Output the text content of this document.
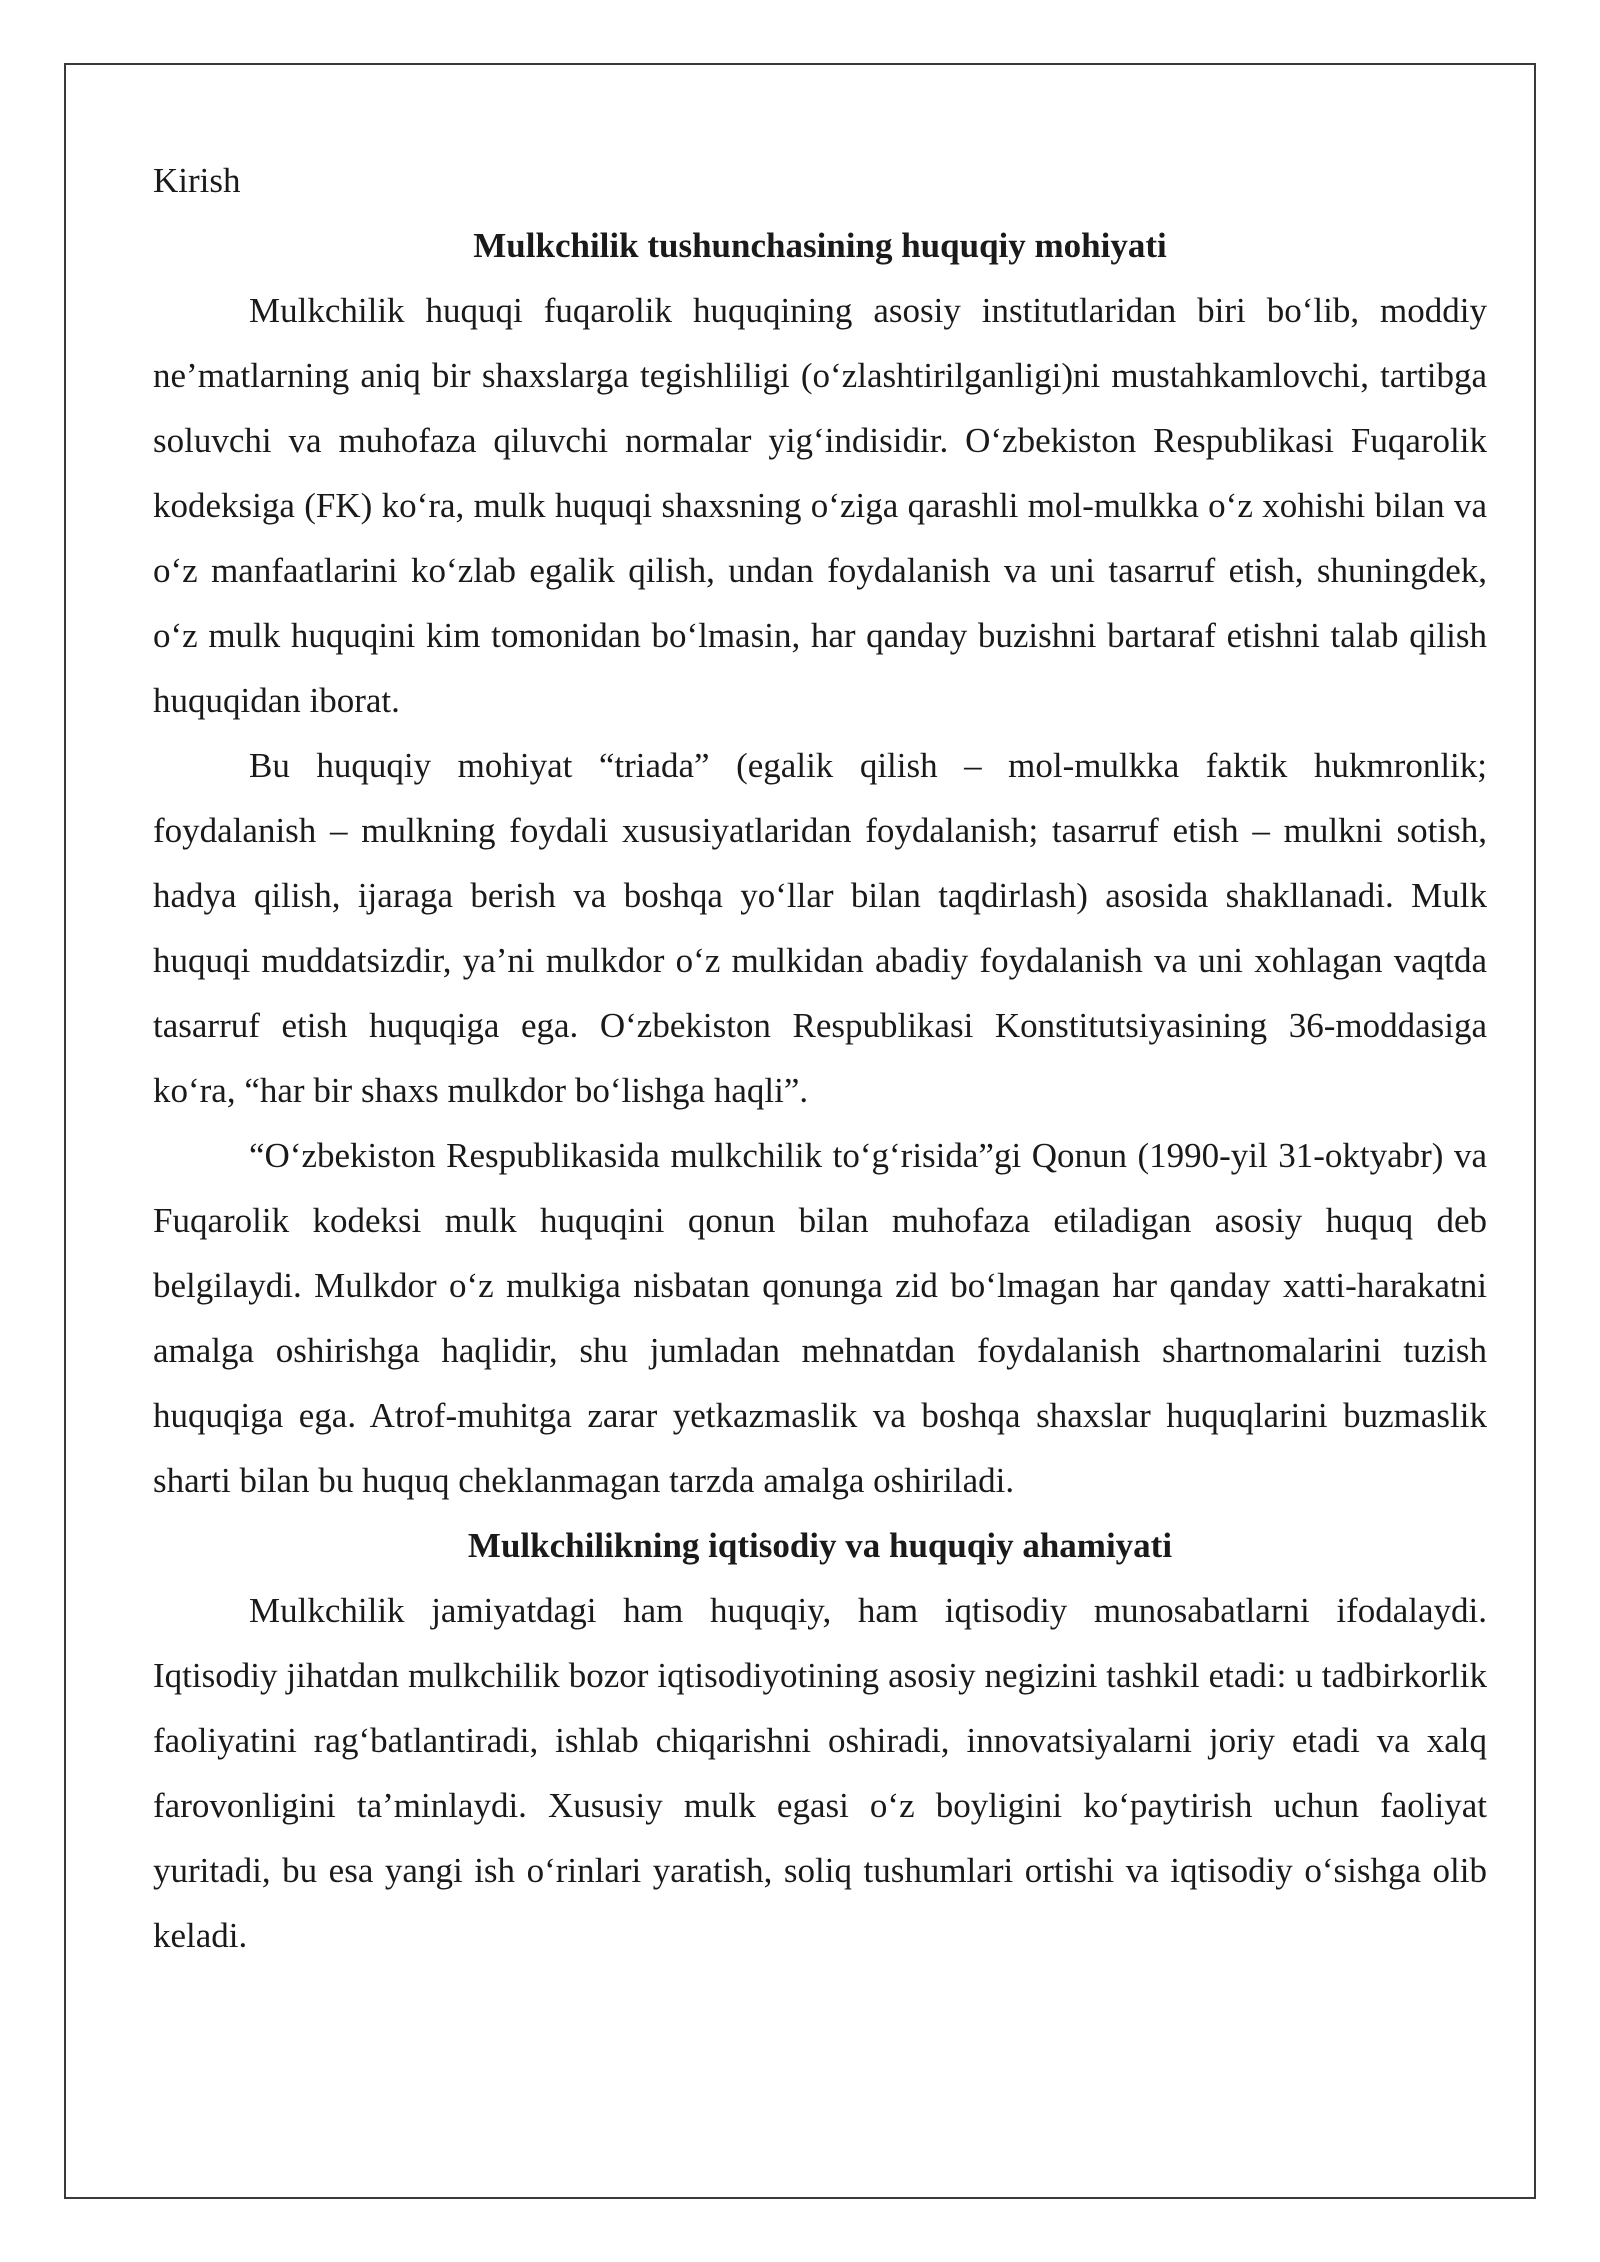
Kirish

Mulkchilik tushunchasining huquqiy mohiyati

Mulkchilik huquqi fuqarolik huquqining asosiy institutlaridan biri bo‘lib, moddiy ne’matlarning aniq bir shaxslarga tegishliligi (o‘zlashtirilganligi)ni mustahkamlovchi, tartibga soluvchi va muhofaza qiluvchi normalar yig‘indisidir. O‘zbekiston Respublikasi Fuqarolik kodeksiga (FK) ko‘ra, mulk huquqi shaxsning o‘ziga qarashli mol-mulkka o‘z xohishi bilan va o‘z manfaatlarini ko‘zlab egalik qilish, undan foydalanish va uni tasarruf etish, shuningdek, o‘z mulk huquqini kim tomonidan bo‘lmasin, har qanday buzishni bartaraf etishni talab qilish huquqidan iborat.

Bu huquqiy mohiyat “triada” (egalik qilish – mol-mulkka faktik hukmronlik; foydalanish – mulkning foydali xususiyatlaridan foydalanish; tasarruf etish – mulkni sotish, hadya qilish, ijaraga berish va boshqa yo‘llar bilan taqdirlash) asosida shakllanadi. Mulk huquqi muddatsizdir, ya’ni mulkdor o‘z mulkidan abadiy foydalanish va uni xohlagan vaqtda tasarruf etish huquqiga ega. O‘zbekiston Respublikasi Konstitutsiyasining 36-moddasiga ko‘ra, “har bir shaxs mulkdor bo‘lishga haqli”.

“O‘zbekiston Respublikasida mulkchilik to‘g‘risida”gi Qonun (1990-yil 31-oktyabr) va Fuqarolik kodeksi mulk huquqini qonun bilan muhofaza etiladigan asosiy huquq deb belgilaydi. Mulkdor o‘z mulkiga nisbatan qonunga zid bo‘lmagan har qanday xatti-harakatni amalga oshirishga haqlidir, shu jumladan mehnatdan foydalanish shartnomalarini tuzish huquqiga ega. Atrof-muhitga zarar yetkazmaslik va boshqa shaxslar huquqlarini buzmaslik sharti bilan bu huquq cheklanmagan tarzda amalga oshiriladi.

Mulkchilikning iqtisodiy va huquqiy ahamiyati

Mulkchilik jamiyatdagi ham huquqiy, ham iqtisodiy munosabatlarni ifodalaydi. Iqtisodiy jihatdan mulkchilik bozor iqtisodiyotining asosiy negizini tashkil etadi: u tadbirkorlik faoliyatini rag‘batlantiradi, ishlab chiqarishni oshiradi, innovatsiyalarni joriy etadi va xalq farovonligini ta’minlaydi. Xususiy mulk egasi o‘z boyligini ko‘paytirish uchun faoliyat yuritadi, bu esa yangi ish o‘rinlari yaratish, soliq tushumlari ortishi va iqtisodiy o‘sishga olib keladi.
